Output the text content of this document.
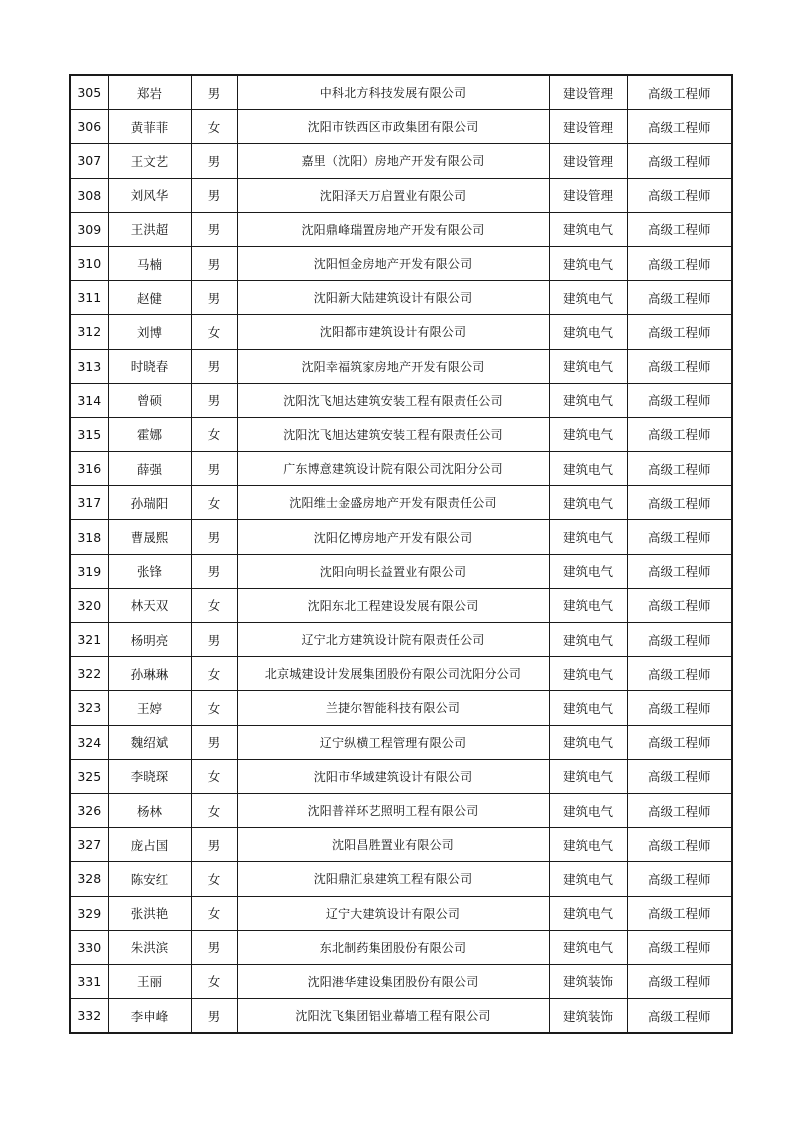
305	郑岩	男	中科北方科技发展有限公司	建设管理	高级工程师
306	黄菲菲	女	沈阳市铁西区市政集团有限公司	建设管理	高级工程师
307	王文艺	男	嘉里（沈阳）房地产开发有限公司	建设管理	高级工程师
308	刘风华	男	沈阳泽天万启置业有限公司	建设管理	高级工程师
309	王洪超	男	沈阳鼎峰瑞置房地产开发有限公司	建筑电气	高级工程师
310	马楠	男	沈阳恒金房地产开发有限公司	建筑电气	高级工程师
311	赵健	男	沈阳新大陆建筑设计有限公司	建筑电气	高级工程师
312	刘博	女	沈阳都市建筑设计有限公司	建筑电气	高级工程师
313	时晓春	男	沈阳幸福筑家房地产开发有限公司	建筑电气	高级工程师
314	曾硕	男	沈阳沈飞旭达建筑安装工程有限责任公司	建筑电气	高级工程师
315	霍娜	女	沈阳沈飞旭达建筑安装工程有限责任公司	建筑电气	高级工程师
316	薛强	男	广东博意建筑设计院有限公司沈阳分公司	建筑电气	高级工程师
317	孙瑞阳	女	沈阳维士金盛房地产开发有限责任公司	建筑电气	高级工程师
318	曹晟熙	男	沈阳亿博房地产开发有限公司	建筑电气	高级工程师
319	张锋	男	沈阳向明长益置业有限公司	建筑电气	高级工程师
320	林天双	女	沈阳东北工程建设发展有限公司	建筑电气	高级工程师
321	杨明亮	男	辽宁北方建筑设计院有限责任公司	建筑电气	高级工程师
322	孙琳琳	女	北京城建设计发展集团股份有限公司沈阳分公司	建筑电气	高级工程师
323	王婷	女	兰捷尔智能科技有限公司	建筑电气	高级工程师
324	魏绍斌	男	辽宁纵横工程管理有限公司	建筑电气	高级工程师
325	李晓琛	女	沈阳市华域建筑设计有限公司	建筑电气	高级工程师
326	杨林	女	沈阳普祥环艺照明工程有限公司	建筑电气	高级工程师
327	庞占国	男	沈阳昌胜置业有限公司	建筑电气	高级工程师
328	陈安红	女	沈阳鼎汇泉建筑工程有限公司	建筑电气	高级工程师
329	张洪艳	女	辽宁大建筑设计有限公司	建筑电气	高级工程师
330	朱洪滨	男	东北制药集团股份有限公司	建筑电气	高级工程师
331	王丽	女	沈阳港华建设集团股份有限公司	建筑装饰	高级工程师
332	李申峰	男	沈阳沈飞集团铝业幕墙工程有限公司	建筑装饰	高级工程师
